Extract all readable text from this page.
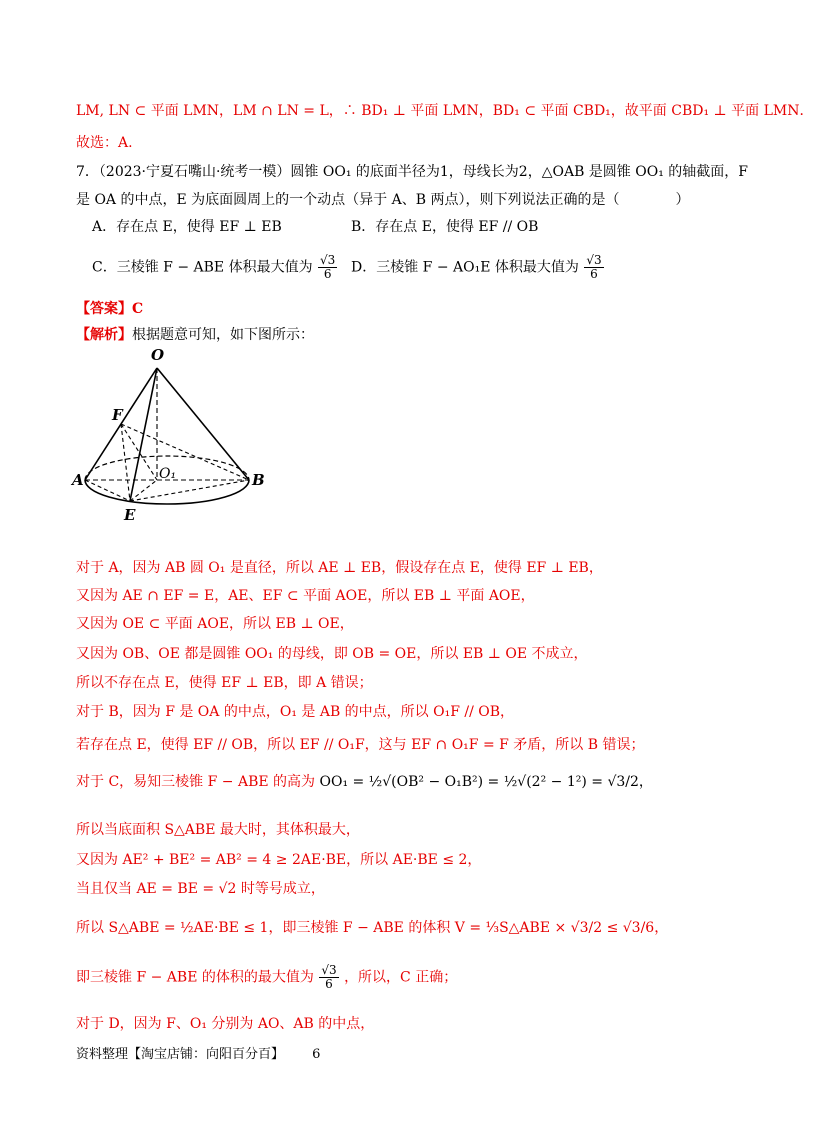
LM, LN ⊂ 平面 LMN，LM ∩ LN = L，∴ BD₁ ⊥ 平面 LMN，BD₁ ⊂ 平面 CBD₁，故平面 CBD₁ ⊥ 平面 LMN．
故选：A.
7．（2023·宁夏石嘴山·统考一模）圆锥 OO₁ 的底面半径为1，母线长为2，△OAB 是圆锥 OO₁ 的轴截面，F
是 OA 的中点，E 为底面圆周上的一个动点（异于 A、B 两点），则下列说法正确的是（　　　　）
A．存在点 E，使得 EF ⊥ EB	B．存在点 E，使得 EF // OB
C．三棱锥 F − ABE 体积最大值为 $\frac{√3}{6}$ D．三棱锥 F − AO₁E 体积最大值为 $\frac{√3}{6}$
【答案】C
【解析】根据题意可知，如下图所示：
O
F
O₁
A	B
E
对于 A，因为 AB 圆 O₁ 是直径，所以 AE ⊥ EB，假设存在点 E，使得 EF ⊥ EB，
又因为 AE ∩ EF = E，AE、EF ⊂ 平面 AOE，所以 EB ⊥ 平面 AOE，
又因为 OE ⊂ 平面 AOE，所以 EB ⊥ OE，
又因为 OB、OE 都是圆锥 OO₁ 的母线，即 OB = OE，所以 EB ⊥ OE 不成立，
所以不存在点 E，使得 EF ⊥ EB，即 A 错误；
对于 B，因为 F 是 OA 的中点，O₁ 是 AB 的中点，所以 O₁F // OB，
若存在点 E，使得 EF // OB，所以 EF // O₁F，这与 EF ∩ O₁F = F 矛盾，所以 B 错误；
对于 C，易知三棱锥 F − ABE 的高为 OO₁ = ½√(OB² − O₁B²) = ½√(2² − 1²) = √3/2，
所以当底面积 S△ABE 最大时，其体积最大，
又因为 AE² + BE² = AB² = 4 ≥ 2AE·BE，所以 AE·BE ≤ 2，
当且仅当 AE = BE = √2 时等号成立，
所以 S△ABE = ½AE·BE ≤ 1，即三棱锥 F − ABE 的体积 V = ⅓S△ABE × √3/2 ≤ √3/6，
即三棱锥 F − ABE 的体积的最大值为 $\frac{√3}{6}$ ，所以，C 正确；
对于 D，因为 F、O₁ 分别为 AO、AB 的中点，
资料整理【淘宝店铺：向阳百分百】 6
